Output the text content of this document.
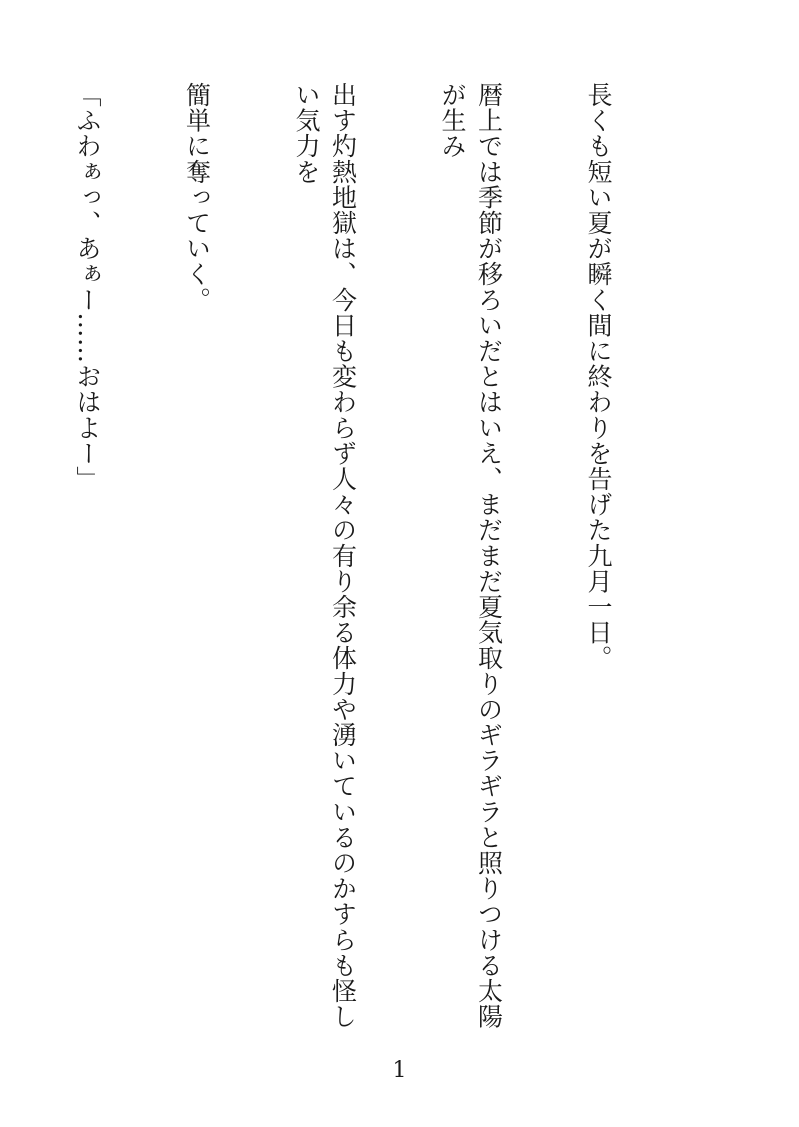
長くも短い夏が瞬く間に終わりを告げた九月一日。

暦上では季節が移ろいだとはいえ、まだまだ夏気取りのギラギラと照りつける太陽が生み

出す灼熱地獄は、今日も変わらず人々の有り余る体力や湧いているのかすらも怪しい気力を

簡単に奪っていく。

「ふわぁっ、あぁー……おはよー」

1
